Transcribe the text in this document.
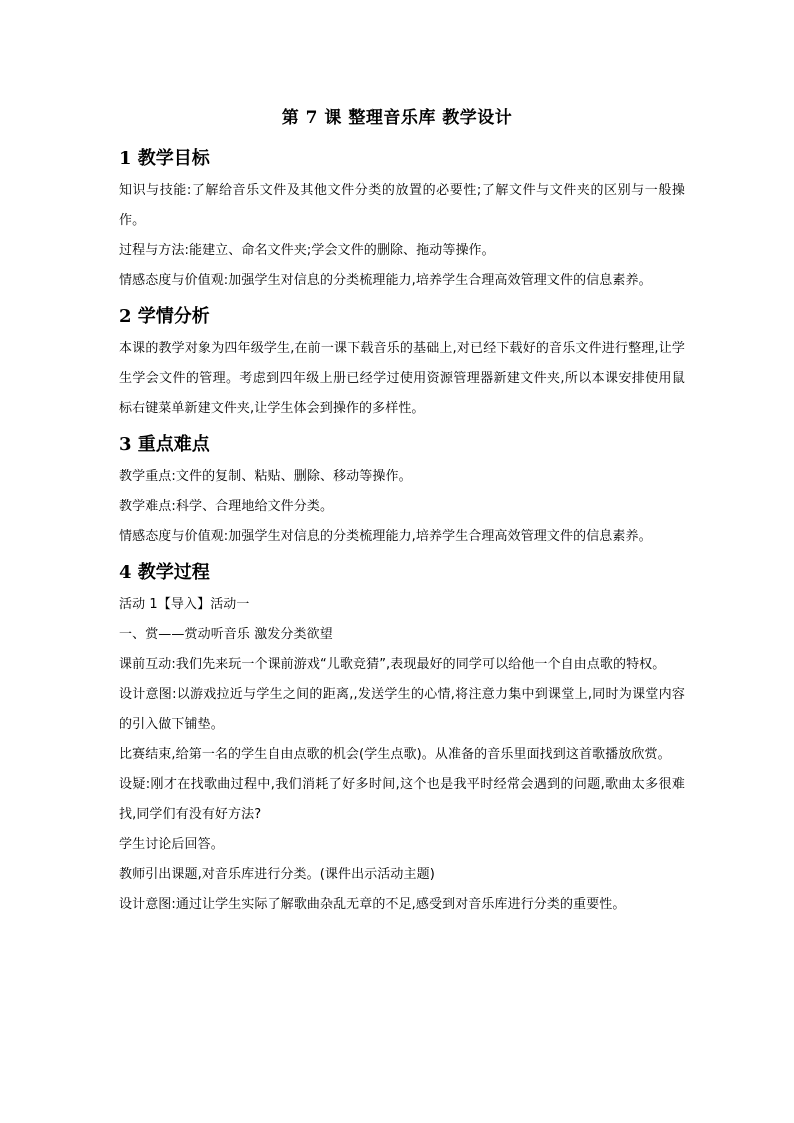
第 7 课 整理音乐库 教学设计
1 教学目标

知识与技能:了解给音乐文件及其他文件分类的放置的必要性;了解文件与文件夹的区别与一般操作。

过程与方法:能建立、命名文件夹;学会文件的删除、拖动等操作。

情感态度与价值观:加强学生对信息的分类梳理能力,培养学生合理高效管理文件的信息素养。

2 学情分析

本课的教学对象为四年级学生,在前一课下载音乐的基础上,对已经下载好的音乐文件进行整理,让学生学会文件的管理。考虑到四年级上册已经学过使用资源管理器新建文件夹,所以本课安排使用鼠标右键菜单新建文件夹,让学生体会到操作的多样性。

3 重点难点

教学重点:文件的复制、粘贴、删除、移动等操作。

教学难点:科学、合理地给文件分类。

情感态度与价值观:加强学生对信息的分类梳理能力,培养学生合理高效管理文件的信息素养。

4 教学过程

活动 1【导入】活动一

一、赏——赏动听音乐 激发分类欲望

课前互动:我们先来玩一个课前游戏“儿歌竞猜”,表现最好的同学可以给他一个自由点歌的特权。

设计意图:以游戏拉近与学生之间的距离,,发送学生的心情,将注意力集中到课堂上,同时为课堂内容的引入做下铺垫。

比赛结束,给第一名的学生自由点歌的机会(学生点歌)。从准备的音乐里面找到这首歌播放欣赏。

设疑:刚才在找歌曲过程中,我们消耗了好多时间,这个也是我平时经常会遇到的问题,歌曲太多很难找,同学们有没有好方法?

学生讨论后回答。

教师引出课题,对音乐库进行分类。(课件出示活动主题)

设计意图:通过让学生实际了解歌曲杂乱无章的不足,感受到对音乐库进行分类的重要性。
